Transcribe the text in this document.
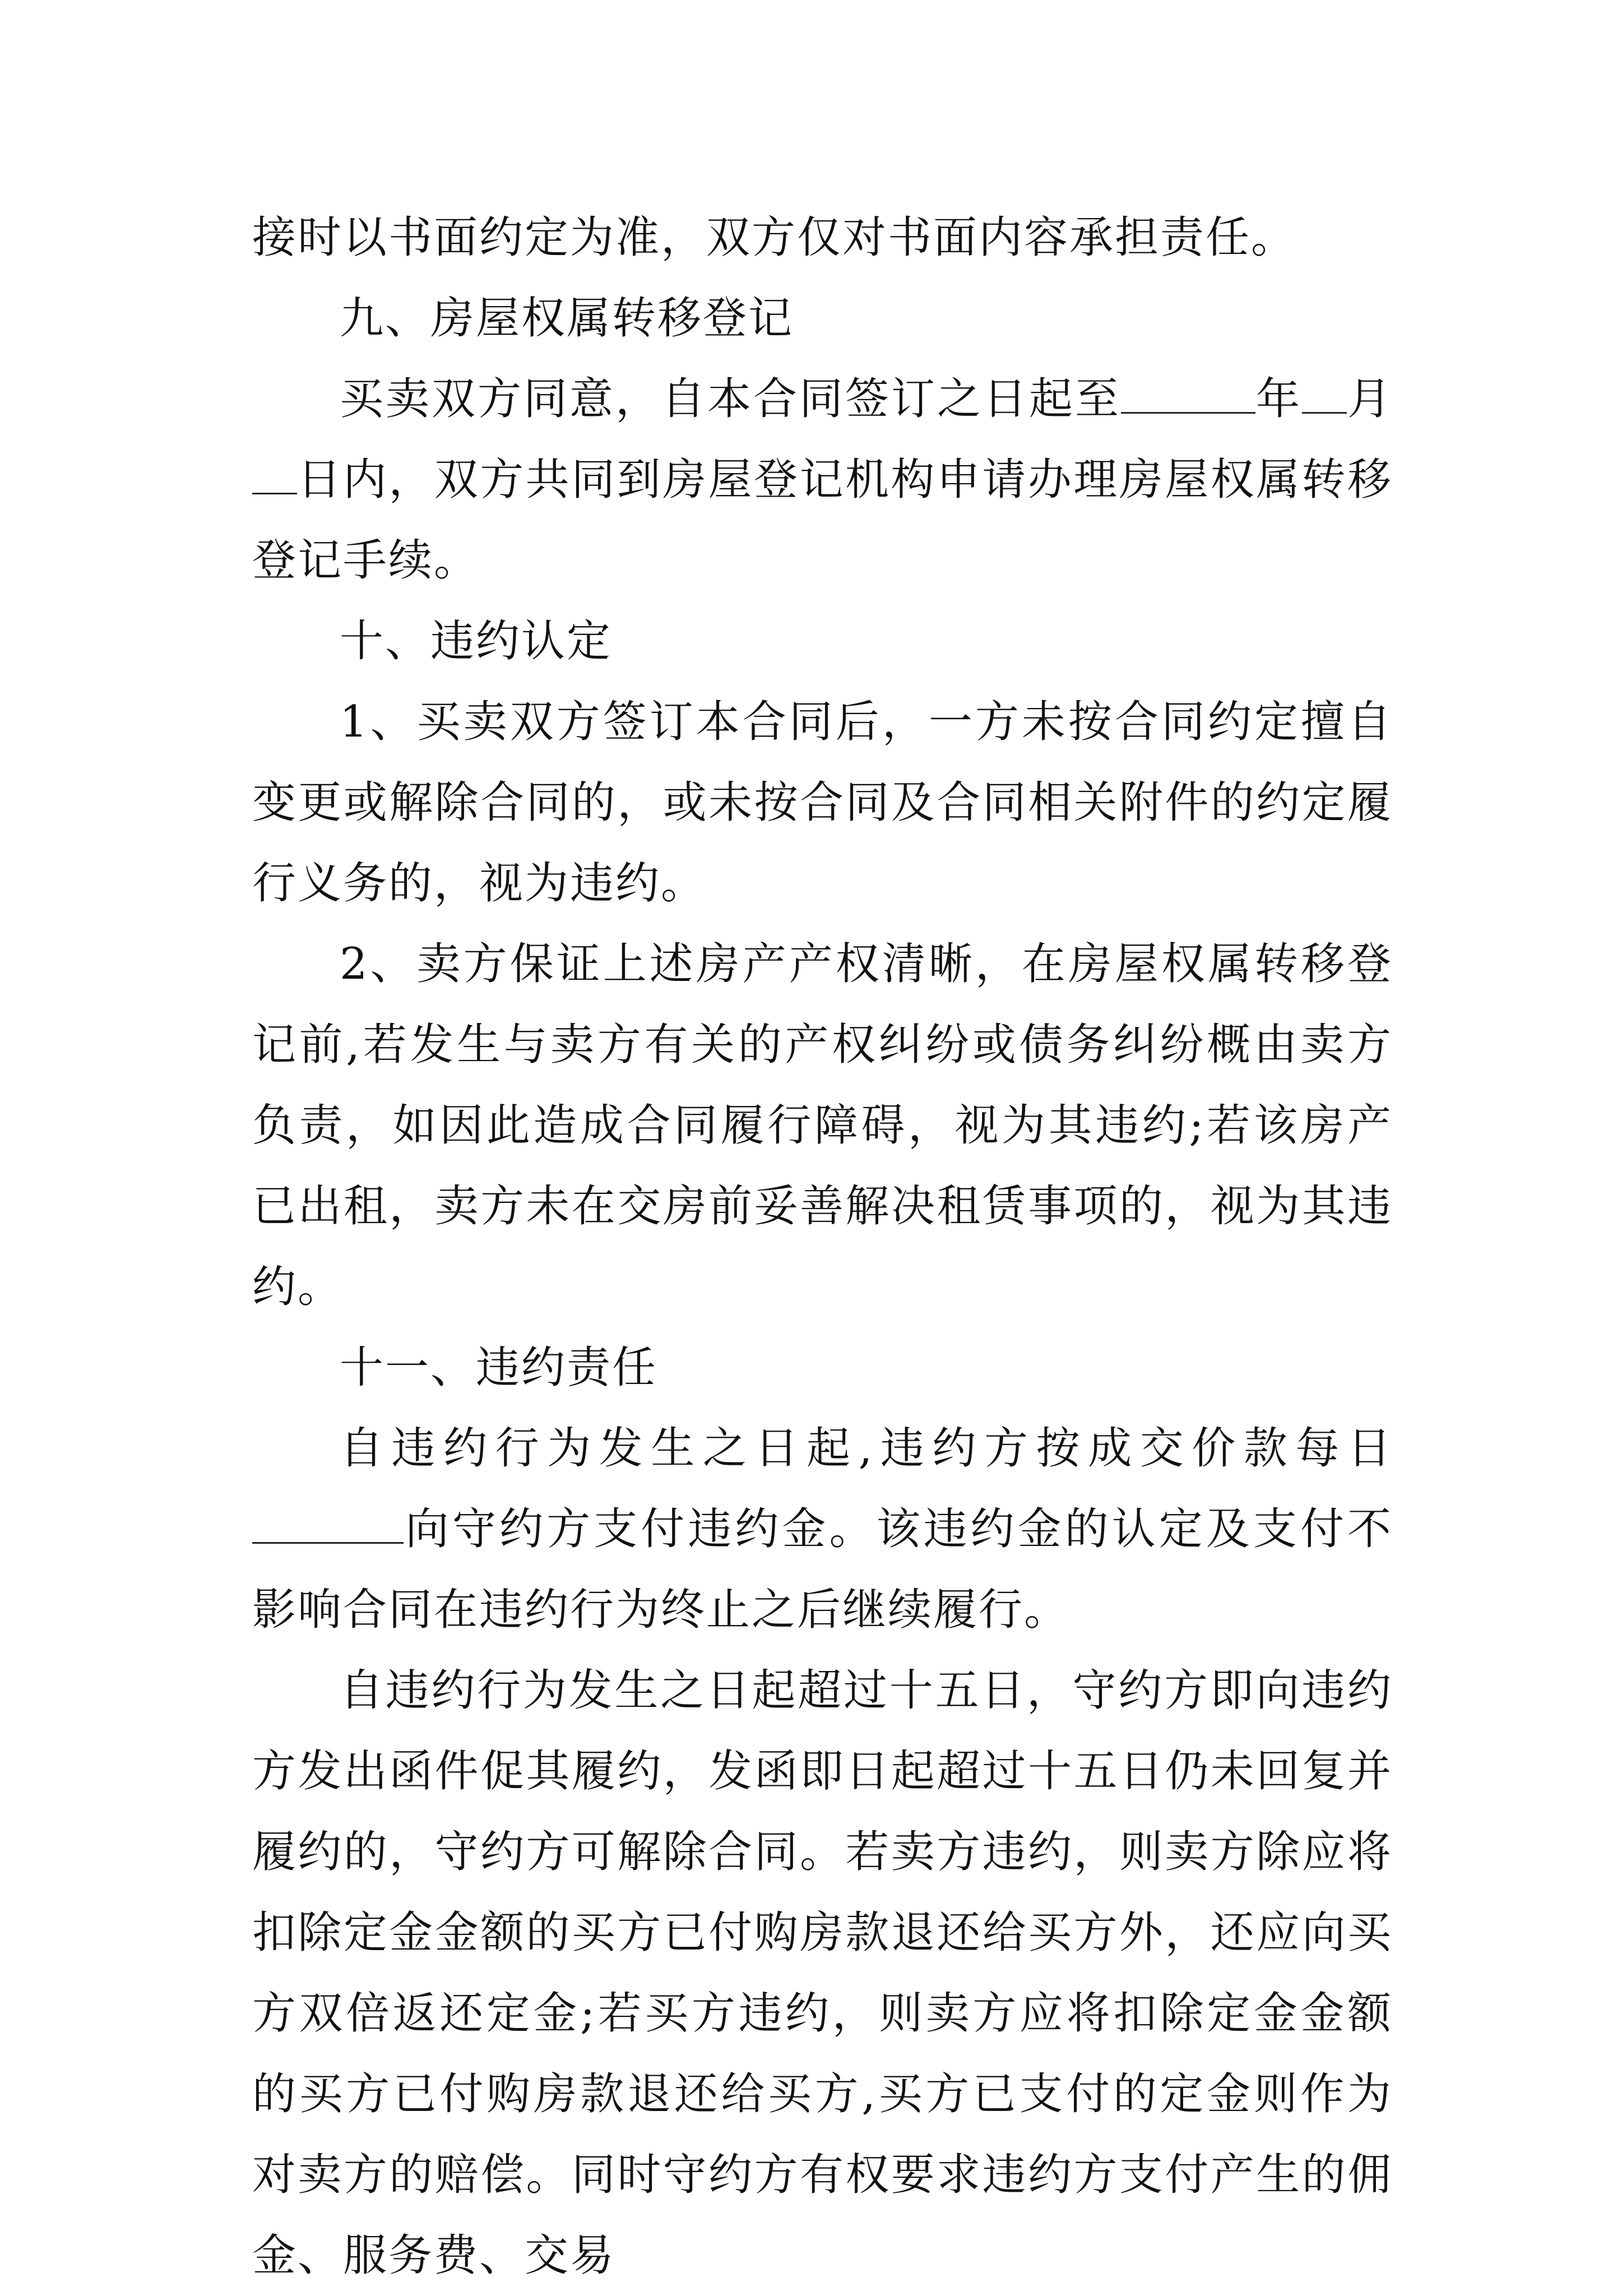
接时以书面约定为准，双方仅对书面内容承担责任。

九、房屋权属转移登记

买卖双方同意，自本合同签订之日起至	年 月日内，双方共同到房屋登记机构申请办理房屋权属转移登记手续。

十、违约认定

1、买卖双方签订本合同后，一方未按合同约定擅自变更或解除合同的，或未按合同及合同相关附件的约定履行义务的，视为违约。

2、卖方保证上述房产产权清晰，在房屋权属转移登记前,若发生与卖方有关的产权纠纷或债务纠纷概由卖方负责，如因此造成合同履行障碍，视为其违约;若该房产已出租，卖方未在交房前妥善解决租赁事项的，视为其违约。

十一、违约责任

自违约行为发生之日起,违约方按成交价款每日向守约方支付违约金。该违约金的认定及支付不影响合同在违约行为终止之后继续履行。

自违约行为发生之日起超过十五日，守约方即向违约方发出函件促其履约，发函即日起超过十五日仍未回复并履约的，守约方可解除合同。若卖方违约，则卖方除应将扣除定金金额的买方已付购房款退还给买方外，还应向买方双倍返还定金;若买方违约，则卖方应将扣除定金金额的买方已付购房款退还给买方,买方已支付的定金则作为对卖方的赔偿。同时守约方有权要求违约方支付产生的佣金、服务费、交易
